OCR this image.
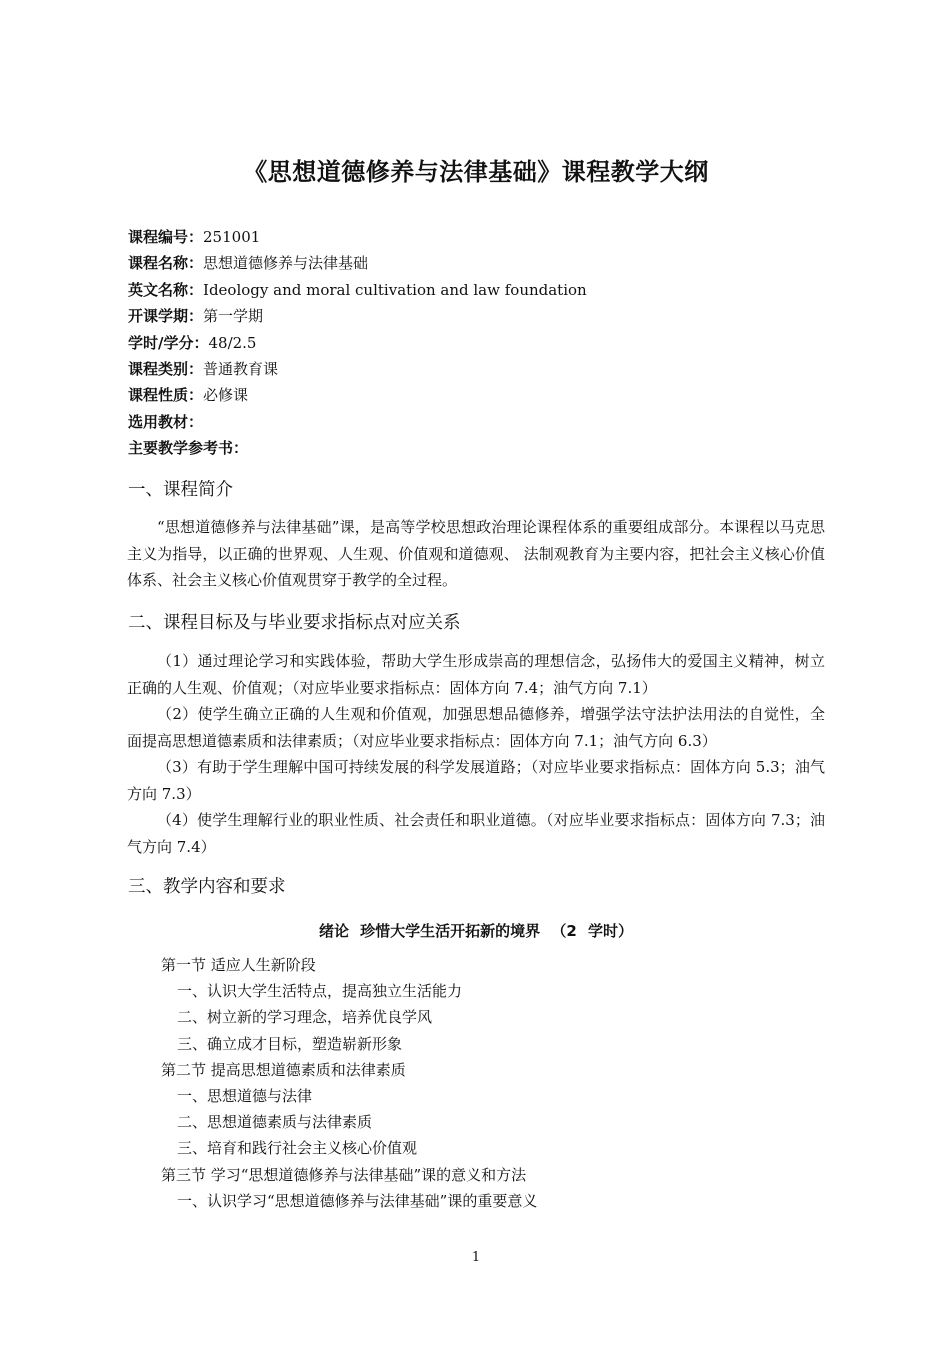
《思想道德修养与法律基础》课程教学大纲
课程编号：251001
课程名称：思想道德修养与法律基础
英文名称：Ideology and moral cultivation and law foundation
开课学期：第一学期
学时/学分：48/2.5
课程类别：普通教育课
课程性质：必修课
选用教材：
主要教学参考书：
一、课程简介
“思想道德修养与法律基础”课，是高等学校思想政治理论课程体系的重要组成部分。本课程以马克思主义为指导，以正确的世界观、人生观、价值观和道德观、 法制观教育为主要内容，把社会主义核心价值体系、社会主义核心价值观贯穿于教学的全过程。
二、课程目标及与毕业要求指标点对应关系
（1）通过理论学习和实践体验，帮助大学生形成崇高的理想信念，弘扬伟大的爱国主义精神，树立正确的人生观、价值观；（对应毕业要求指标点：固体方向 7.4；油气方向 7.1）
（2）使学生确立正确的人生观和价值观，加强思想品德修养，增强学法守法护法用法的自觉性，全面提高思想道德素质和法律素质；（对应毕业要求指标点：固体方向 7.1；油气方向 6.3）
（3）有助于学生理解中国可持续发展的科学发展道路；（对应毕业要求指标点：固体方向 5.3；油气方向 7.3）
（4）使学生理解行业的职业性质、社会责任和职业道德。（对应毕业要求指标点：固体方向 7.3；油气方向 7.4）
三、教学内容和要求
绪论 珍惜大学生活开拓新的境界 （2 学时）
第一节 适应人生新阶段
一、认识大学生活特点，提高独立生活能力
二、树立新的学习理念，培养优良学风
三、确立成才目标，塑造崭新形象
第二节 提高思想道德素质和法律素质
一、思想道德与法律
二、思想道德素质与法律素质
三、培育和践行社会主义核心价值观
第三节 学习“思想道德修养与法律基础”课的意义和方法
一、认识学习“思想道德修养与法律基础”课的重要意义
1
